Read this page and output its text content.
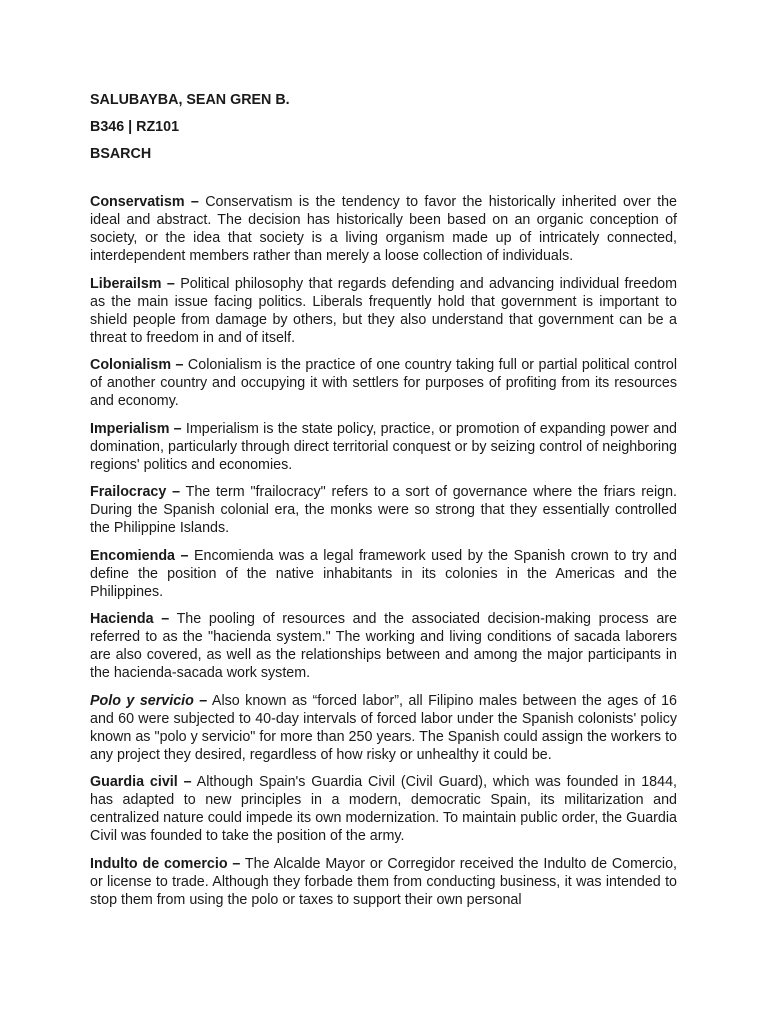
SALUBAYBA, SEAN GREN B.
B346 | RZ101
BSARCH

Conservatism – Conservatism is the tendency to favor the historically inherited over the ideal and abstract. The decision has historically been based on an organic conception of society, or the idea that society is a living organism made up of intricately connected, interdependent members rather than merely a loose collection of individuals.

Liberailsm – Political philosophy that regards defending and advancing individual freedom as the main issue facing politics. Liberals frequently hold that government is important to shield people from damage by others, but they also understand that government can be a threat to freedom in and of itself.

Colonialism – Colonialism is the practice of one country taking full or partial political control of another country and occupying it with settlers for purposes of profiting from its resources and economy.

Imperialism – Imperialism is the state policy, practice, or promotion of expanding power and domination, particularly through direct territorial conquest or by seizing control of neighboring regions' politics and economies.

Frailocracy – The term "frailocracy" refers to a sort of governance where the friars reign. During the Spanish colonial era, the monks were so strong that they essentially controlled the Philippine Islands.

Encomienda – Encomienda was a legal framework used by the Spanish crown to try and define the position of the native inhabitants in its colonies in the Americas and the Philippines.

Hacienda – The pooling of resources and the associated decision-making process are referred to as the "hacienda system." The working and living conditions of sacada laborers are also covered, as well as the relationships between and among the major participants in the hacienda-sacada work system.

Polo y servicio – Also known as “forced labor”, all Filipino males between the ages of 16 and 60 were subjected to 40-day intervals of forced labor under the Spanish colonists' policy known as "polo y servicio" for more than 250 years. The Spanish could assign the workers to any project they desired, regardless of how risky or unhealthy it could be.

Guardia civil – Although Spain's Guardia Civil (Civil Guard), which was founded in 1844, has adapted to new principles in a modern, democratic Spain, its militarization and centralized nature could impede its own modernization. To maintain public order, the Guardia Civil was founded to take the position of the army.

Indulto de comercio – The Alcalde Mayor or Corregidor received the Indulto de Comercio, or license to trade. Although they forbade them from conducting business, it was intended to stop them from using the polo or taxes to support their own personal
